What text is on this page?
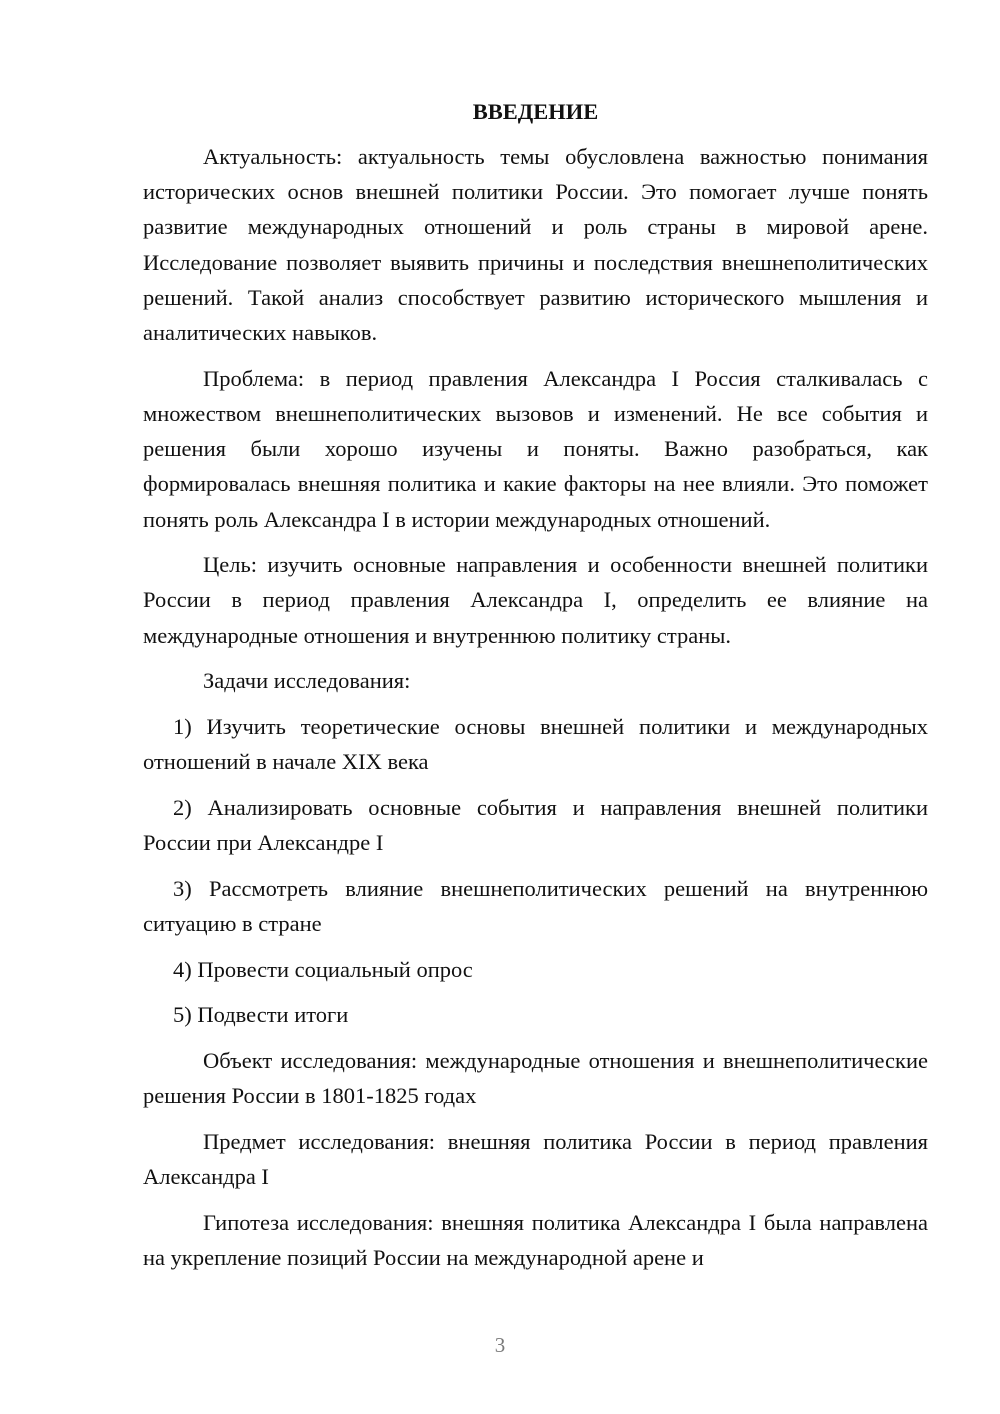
ВВЕДЕНИЕ

Актуальность: актуальность темы обусловлена важностью понимания исторических основ внешней политики России. Это помогает лучше понять развитие международных отношений и роль страны в мировой арене. Исследование позволяет выявить причины и последствия внешнеполитических решений. Такой анализ способствует развитию исторического мышления и аналитических навыков.

Проблема: в период правления Александра I Россия сталкивалась с множеством внешнеполитических вызовов и изменений. Не все события и решения были хорошо изучены и поняты. Важно разобраться, как формировалась внешняя политика и какие факторы на нее влияли. Это поможет понять роль Александра I в истории международных отношений.

Цель: изучить основные направления и особенности внешней политики России в период правления Александра I, определить ее влияние на международные отношения и внутреннюю политику страны.

Задачи исследования:

1) Изучить теоретические основы внешней политики и международных отношений в начале XIX века

2) Анализировать основные события и направления внешней политики России при Александре I

3) Рассмотреть влияние внешнеполитических решений на внутреннюю ситуацию в стране

4) Провести социальный опрос

5) Подвести итоги

Объект исследования: международные отношения и внешнеполитические решения России в 1801-1825 годах

Предмет исследования: внешняя политика России в период правления Александра I

Гипотеза исследования: внешняя политика Александра I была направлена на укрепление позиций России на международной арене и

3
